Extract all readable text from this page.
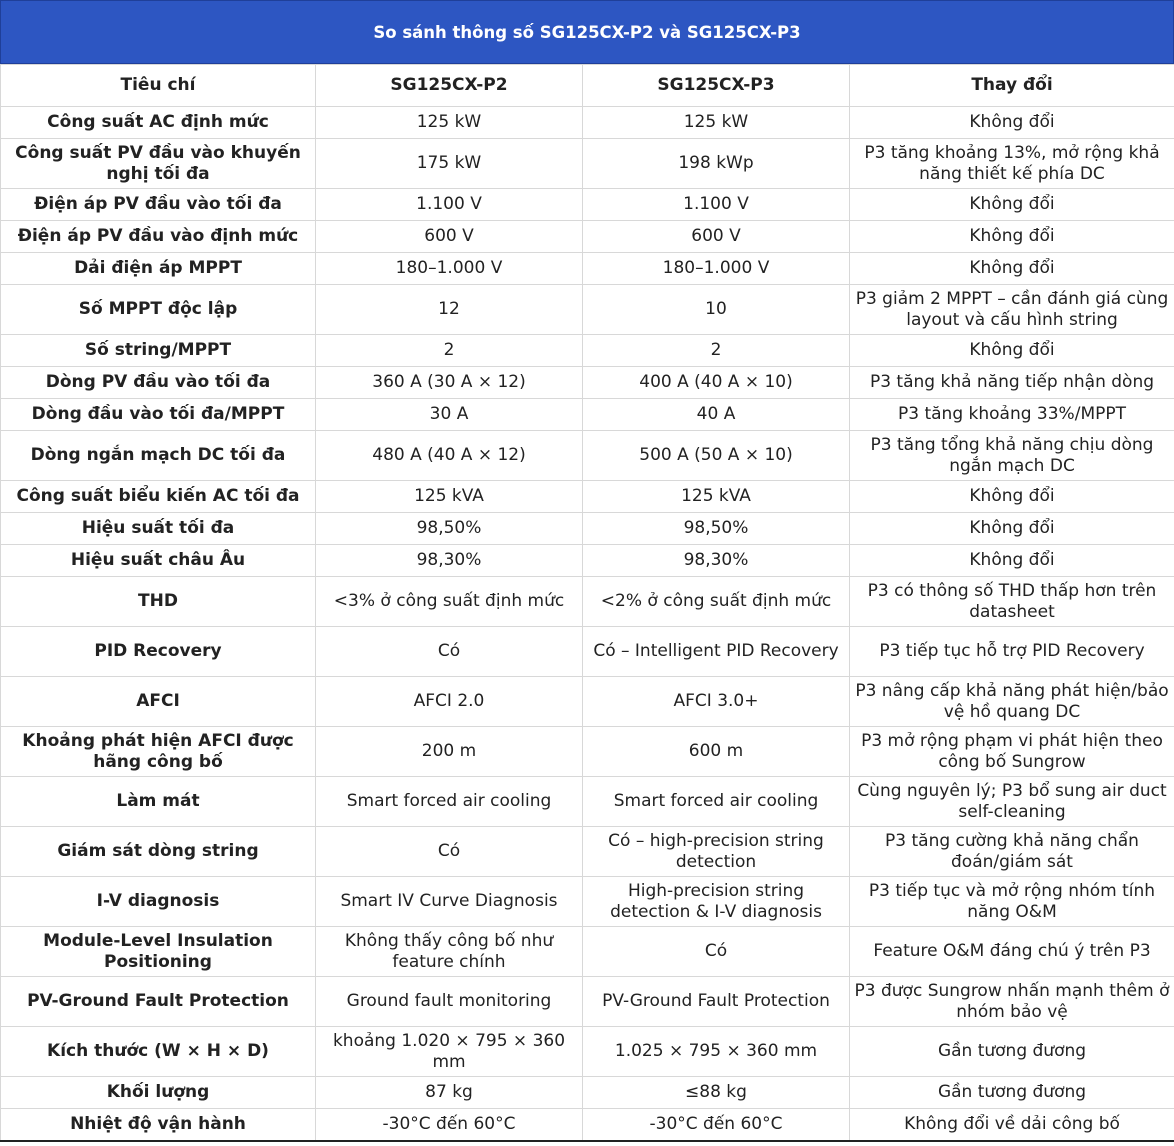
So sánh thông số SG125CX-P2 và SG125CX-P3
Tiêu chí	SG125CX-P2	SG125CX-P3	Thay đổi
Công suất AC định mức	125 kW	125 kW	Không đổi
Công suất PV đầu vào khuyến nghị tối đa	175 kW	198 kWp	P3 tăng khoảng 13%, mở rộng khả năng thiết kế phía DC
Điện áp PV đầu vào tối đa	1.100 V	1.100 V	Không đổi
Điện áp PV đầu vào định mức	600 V	600 V	Không đổi
Dải điện áp MPPT	180–1.000 V	180–1.000 V	Không đổi
Số MPPT độc lập	12	10	P3 giảm 2 MPPT – cần đánh giá cùng layout và cấu hình string
Số string/MPPT	2	2	Không đổi
Dòng PV đầu vào tối đa	360 A (30 A × 12)	400 A (40 A × 10)	P3 tăng khả năng tiếp nhận dòng
Dòng đầu vào tối đa/MPPT	30 A	40 A	P3 tăng khoảng 33%/MPPT
Dòng ngắn mạch DC tối đa	480 A (40 A × 12)	500 A (50 A × 10)	P3 tăng tổng khả năng chịu dòng ngắn mạch DC
Công suất biểu kiến AC tối đa	125 kVA	125 kVA	Không đổi
Hiệu suất tối đa	98,50%	98,50%	Không đổi
Hiệu suất châu Âu	98,30%	98,30%	Không đổi
THD	<3% ở công suất định mức	<2% ở công suất định mức	P3 có thông số THD thấp hơn trên datasheet
PID Recovery	Có	Có – Intelligent PID Recovery	P3 tiếp tục hỗ trợ PID Recovery
AFCI	AFCI 2.0	AFCI 3.0+	P3 nâng cấp khả năng phát hiện/bảo vệ hồ quang DC
Khoảng phát hiện AFCI được hãng công bố	200 m	600 m	P3 mở rộng phạm vi phát hiện theo công bố Sungrow
Làm mát	Smart forced air cooling	Smart forced air cooling	Cùng nguyên lý; P3 bổ sung air duct self-cleaning
Giám sát dòng string	Có	Có – high-precision string detection	P3 tăng cường khả năng chẩn đoán/giám sát
I-V diagnosis	Smart IV Curve Diagnosis	High-precision string detection & I-V diagnosis	P3 tiếp tục và mở rộng nhóm tính năng O&M
Module-Level Insulation Positioning	Không thấy công bố như feature chính	Có	Feature O&M đáng chú ý trên P3
PV-Ground Fault Protection	Ground fault monitoring	PV-Ground Fault Protection	P3 được Sungrow nhấn mạnh thêm ở nhóm bảo vệ
Kích thước (W × H × D)	khoảng 1.020 × 795 × 360 mm	1.025 × 795 × 360 mm	Gần tương đương
Khối lượng	87 kg	≤88 kg	Gần tương đương
Nhiệt độ vận hành	-30°C đến 60°C	-30°C đến 60°C	Không đổi về dải công bố
